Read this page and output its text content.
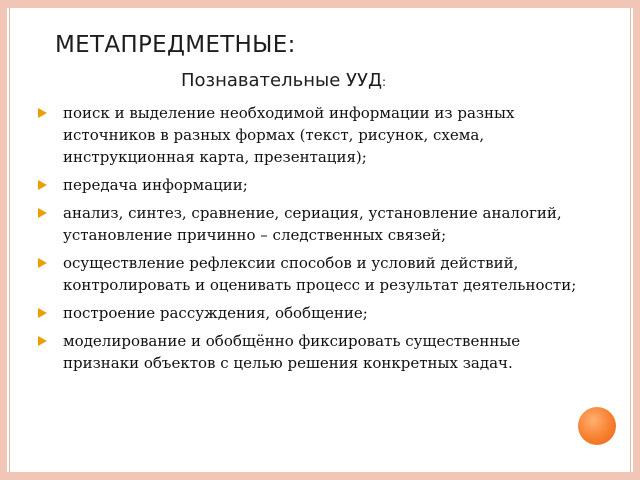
МЕТАПРЕДМЕТНЫЕ:
Познавательные УУД:
поиск и выделение необходимой информации из разных источников в разных формах (текст, рисунок, схема, инструкционная карта, презентация);
передача информации;
анализ, синтез, сравнение, сериация, установление аналогий, установление причинно – следственных связей;
осуществление рефлексии способов и условий действий, контролировать и оценивать процесс и результат деятельности;
построение рассуждения, обобщение;
моделирование и обобщённо фиксировать существенные признаки объектов с целью решения конкретных задач.
